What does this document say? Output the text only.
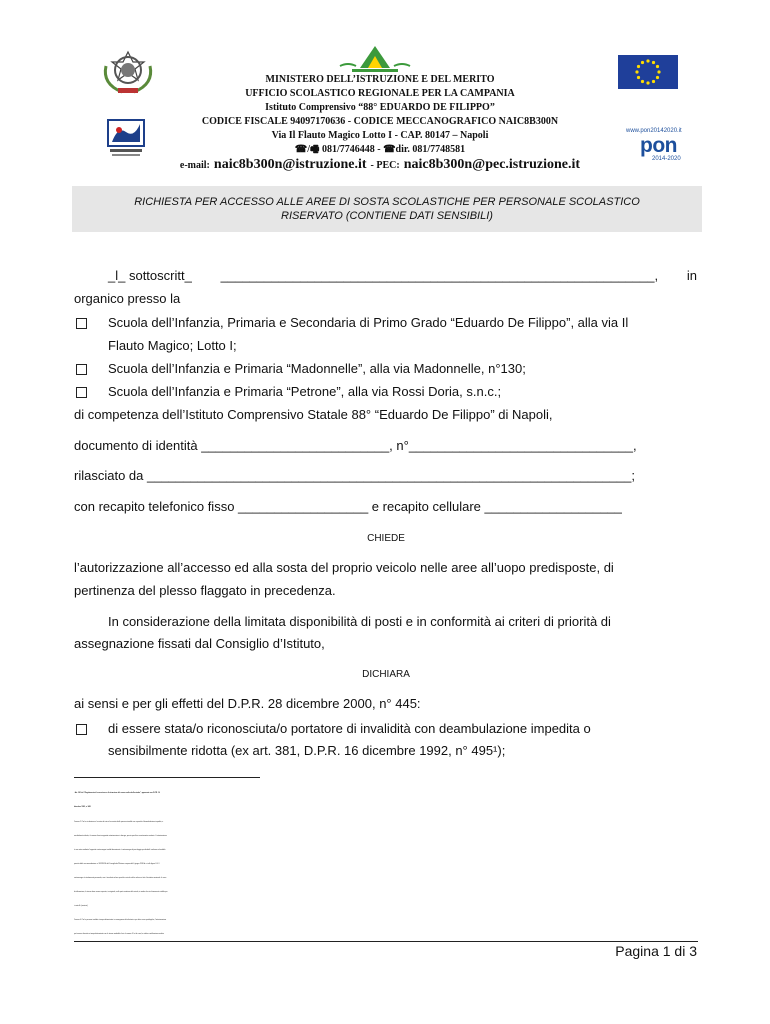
www.pon20142020.it
pon
2014-2020
MINISTERO DELL’ISTRUZIONE E DEL MERITO
UFFICIO SCOLASTICO REGIONALE PER LA CAMPANIA
Istituto Comprensivo “88° EDUARDO DE FILIPPO”
CODICE FISCALE 94097170636 - CODICE MECCANOGRAFICO NAIC8B300N
Via Il Flauto Magico Lotto I - CAP. 80147 – Napoli
☎/🖷 081/7746448 - ☎dir. 081/7748581
e-mail: naic8b300n@istruzione.it - PEC: naic8b300n@pec.istruzione.it
RICHIESTA PER ACCESSO ALLE AREE DI SOSTA SCOLASTICHE PER PERSONALE SCOLASTICO
RISERVATO (CONTIENE DATI SENSIBILI)
_l_ sottoscritt_ ____________________________________________________________, in
organico presso la
Scuola dell’Infanzia, Primaria e Secondaria di Primo Grado “Eduardo De Filippo”, alla via Il
Flauto Magico; Lotto I;
Scuola dell’Infanzia e Primaria “Madonnelle”, alla via Madonnelle, n°130;
Scuola dell’Infanzia e Primaria “Petrone”, alla via Rossi Doria, s.n.c.;
di competenza dell’Istituto Comprensivo Statale 88° “Eduardo De Filippo” di Napoli,
documento di identità __________________________, n°_______________________________,
rilasciato da ___________________________________________________________________;
con recapito telefonico fisso __________________ e recapito cellulare ___________________
CHIEDE
l’autorizzazione all’accesso ed alla sosta del proprio veicolo nelle aree all’uopo predisposte, di
pertinenza del plesso flaggato in precedenza.
In considerazione della limitata disponibilità di posti e in conformità ai criteri di priorità di
assegnazione fissati dal Consiglio d’Istituto,
DICHIARA
ai sensi e per gli effetti del D.P.R. 28 dicembre 2000, n° 445:
di essere stata/o riconosciuta/o portatore di invalidità con deambulazione impedita o
sensibilmente ridotta (ex art. 381, D.P.R. 16 dicembre 1992, n° 495¹);
¹ Art. 381 del “Regolamento di esecuzione e di attuazione del nuovo codice della strada”, approvato con D.P.R. 16
dicembre 1992, n° 495
Comma 2. Per la circolazione e la sosta dei veicoli a servizio delle persone invalide con capacità di deambulazione impedita, o
sensibilmente ridotta, il comune rilascia apposita autorizzazione in deroga, previo specifico accertamento sanitario. L’autorizzazione
è resa nota mediante l’apposito contrassegno invalidi denominato: «contrassegno di parcheggio per disabili» conforme al modello
previsto dalla raccomandazione n. 98/376/CE del Consiglio dell’Unione europea del 4 giugno 1998 di cui alla figura V.4. Il
contrassegno è strettamente personale, non è vincolato ad uno specifico veicolo ed ha valore su tutto il territorio nazionale. In caso
di utilizzazione, lo stesso deve essere esposto, in originale, nella parte anteriore del veicolo, in modo che sia chiaramente visibile per
i controlli. (omissis).
Comma 4. Per le persone invalide a tempo determinato in conseguenza di infortunio o per altre cause patologiche, l’autorizzazione
può essere rilasciata a tempo determinato con le stesse modalità di cui al comma 3. In tal caso, la relativa certificazione medica
Pagina 1 di 3
